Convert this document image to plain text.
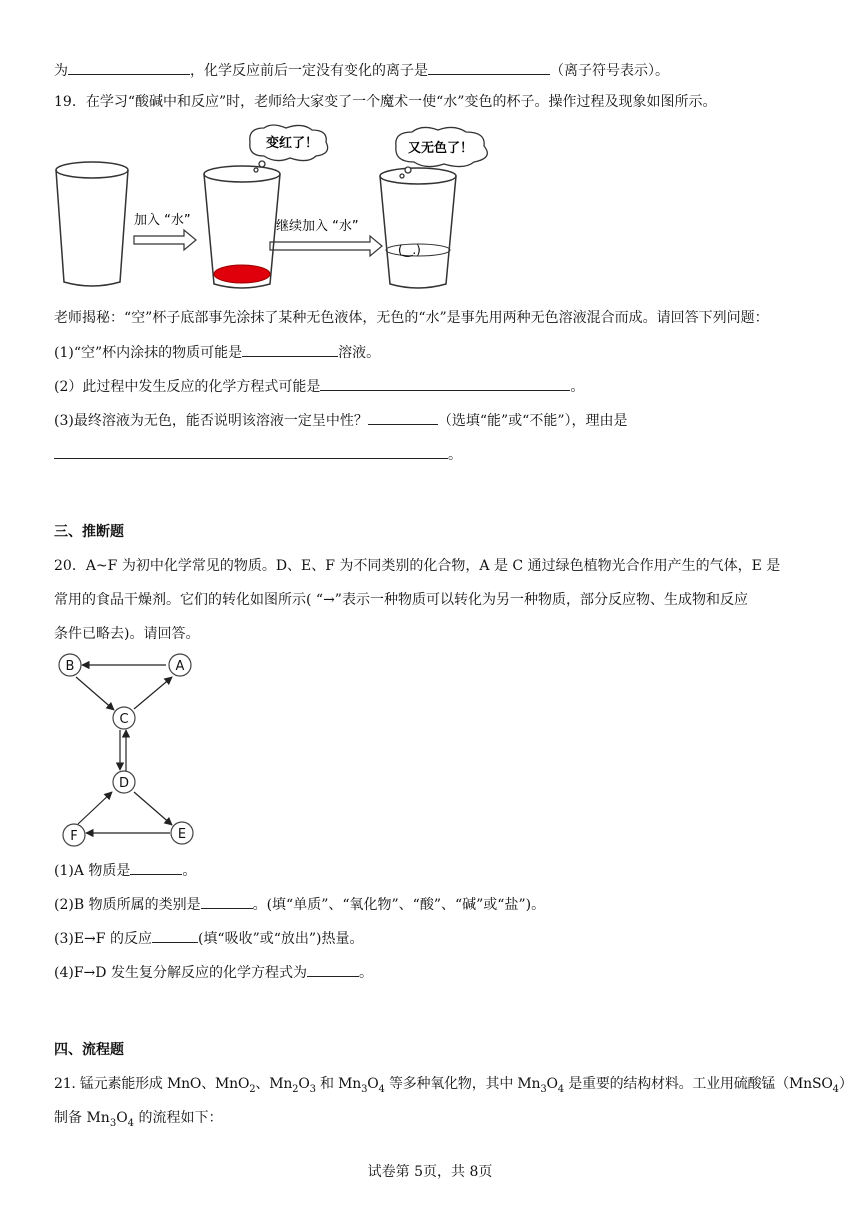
为	，化学反应前后一定没有变化的离子是	（离子符号表示）。
19．在学习“酸碱中和反应”时，老师给大家变了一个魔术一使“水”变色的杯子。操作过程及现象如图所示。
加入 “水”
变红了！
继续加入 “水”
(‿.)
又无色了！
老师揭秘：“空”杯子底部事先涂抹了某种无色液体，无色的“水”是事先用两种无色溶液混合而成。请回答下列问题：
(1)“空”杯内涂抹的物质可能是	溶液。
(2）此过程中发生反应的化学方程式可能是	。
(3)最终溶液为无色，能否说明该溶液一定呈中性？	（选填“能”或“不能”），理由是
。
三、推断题
20．A~F 为初中化学常见的物质。D、E、F 为不同类别的化合物，A 是 C 通过绿色植物光合作用产生的气体，E 是
常用的食品干燥剂。它们的转化如图所示( “→”表示一种物质可以转化为另一种物质，部分反应物、生成物和反应
条件已略去)。请回答。
B	A
C
D
F	E
(1)A 物质是	。
(2)B 物质所属的类别是	。(填“单质”、“氧化物”、“酸”、“碱”或“盐”)。
(3)E→F 的反应	(填“吸收”或“放出”)热量。
(4)F→D 发生复分解反应的化学方程式为	。
四、流程题
21. 锰元素能形成 MnO、MnO$_2$、$Mn_2O_3$ 和 $Mn_3O_4$ 等多种氧化物，其中 $Mn_3O_4$ 是重要的结构材料。工业用硫酸锰（MnSO$_4$）
制备 $Mn_3O_4$ 的流程如下：
试卷第 5页，共 8页
